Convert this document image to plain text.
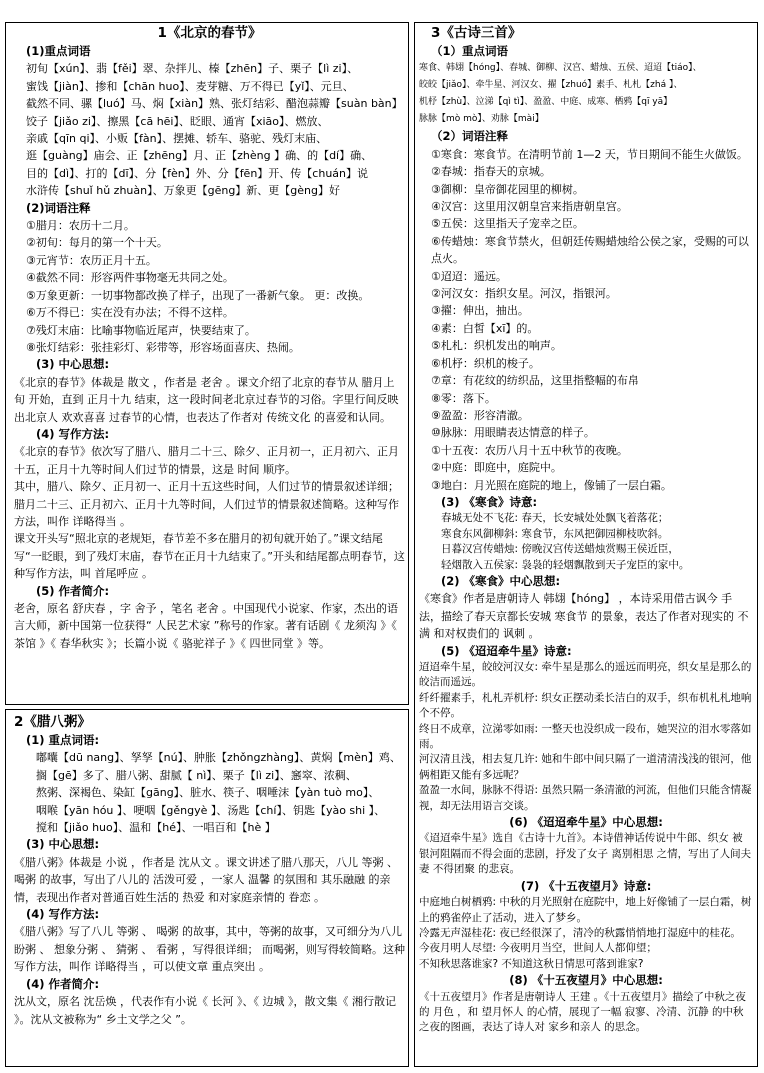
1《北京的春节》
(1)重点词语

初旬【xún】、翡【fěi】翠、杂拌儿、榛【zhēn】子、栗子【lì zi】、

蜜饯【jiàn】、掺和【chān huo】、麦芽糖、万不得已【yǐ】、元旦、

截然不同、骡【luó】马、焖【xiàn】熟、张灯结彩、醋泡蒜瓣【suàn bàn】

饺子【jiǎo zi】、擦黑【cā hēi】、眨眼、通宵【xiāo】、燃放、

亲戚【qīn qi】、小贩【fàn】、摆摊、轿车、骆驼、残灯末庙、

逛【guàng】庙会、正【zhēng】月、正【zhèng 】确、的【dí】确、

目的【dì】、打的【dī】、分【fèn】外、分【fēn】开、传【chuán】说

水浒传【shuǐ hǔ zhuàn】、万象更【gēng】新、更【gèng】好

(2)词语注释

①腊月：农历十二月。

②初旬：每月的第一个十天。

③元宵节：农历正月十五。

④截然不同：形容两件事物毫无共同之处。

⑤万象更新：一切事物都改换了样子，出现了一番新气象。 更：改换。

⑥万不得已：实在没有办法；不得不这样。

⑦残灯末庙：比喻事物临近尾声，快要结束了。

⑧张灯结彩：张挂彩灯、彩带等，形容场面喜庆、热闹。

(3) 中心思想:

《北京的春节》体裁是 散文 ，作者是 老舍 。课文介绍了北京的春节从 腊月上旬 开始，直到 正月十九 结束，这一段时间老北京过春节的习俗。字里行间反映出北京人 欢欢喜喜 过春节的心情，也表达了作者对 传统文化 的喜爱和认同。

(4) 写作方法:

《北京的春节》依次写了腊八、腊月二十三、除夕、正月初一，正月初六、正月十五，正月十九等时间人们过节的情景，这是 时间 顺序。

其中，腊八、除夕、正月初一、正月十五这些时间，人们过节的情景叙述详细；腊月二十三、正月初六、正月十九等时间，人们过节的情景叙述简略。这种写作方法，叫作 详略得当 。

课文开头写“照北京的老规矩，春节差不多在腊月的初旬就开始了。”课文结尾写“一眨眼，到了残灯末庙，春节在正月十九结束了。”开头和结尾都点明春节，这种写作方法，叫 首尾呼应 。

(5) 作者简介:

老舍，原名 舒庆春 ，字 舍予 ，笔名 老舍 。中国现代小说家、作家，杰出的语言大师，新中国第一位获得“ 人民艺术家 ”称号的作家。著有话剧《 龙须沟 》《 茶馆 》《 春华秋实 》；长篇小说《 骆驼祥子 》《 四世同堂 》等。

2《腊八粥》
(1) 重点词语:

嘟囔【dū nang】、孥孥【nú】、肿胀【zhǒngzhàng】、黄焖【mèn】鸡、

搁【gē】多了、腊八粥、甜腻【 nì】、栗子【lì zi】、窸窣、浓稠、

熬粥、深褐色、染缸【gāng】、脏水、筷子、咽唾沫【yàn tuò mo】、

咽喉【yān hóu 】、哽咽【gěngyè 】、汤匙【chí】、钥匙【yào shi 】、

搅和【jiǎo huo】、温和【hé】、一唱百和【hè 】

(3) 中心思想:

《腊八粥》体裁是 小说 ，作者是 沈从文 。课文讲述了腊八那天，八儿 等粥 、 喝粥 的故事，写出了八儿的 活泼可爱 ，一家人 温馨 的氛围和 其乐融融 的亲情，表现出作者对普通百姓生活的 热爱 和对家庭亲情的 眷恋 。

(4) 写作方法:

《腊八粥》写了八儿 等粥 、 喝粥 的故事，其中，等粥的故事，又可细分为八儿 盼粥 、 想象分粥 、 猜粥 、 看粥 ，写得很详细； 而喝粥，则写得较简略。这种写作方法，叫作 详略得当 ，可以使文章 重点突出 。

(4) 作者简介:

沈从文，原名 沈岳焕 ，代表作有小说《 长河 》、《 边城 》，散文集《 湘行散记 》。沈从文被称为“ 乡土文学之父 ”。

3《古诗三首》
（1）重点词语

寒食、韩翃【hóng】、春城、御柳、汉宫、蜡烛、五侯、迢迢【tiáo】、

皎皎【jiǎo】、牵牛星、河汉女、擢【zhuó】素手、札札【zhá 】、

机杼【zhù】、泣涕【qì tì】、盈盈、中庭、成寒、栖鸦【qī yā】

脉脉【mò mò】、劝脉【mài】

（2）词语注释

①寒食：寒食节。在清明节前 1—2 天，节日期间不能生火做饭。

②春城：指春天的京城。

③御柳：皇帝御花园里的柳树。

④汉宫：这里用汉朝皇宫来指唐朝皇宫。

⑤五侯：这里指天子宠幸之臣。

⑥传蜡烛：寒食节禁火，但朝廷传赐蜡烛给公侯之家，受赐的可以点火。

①迢迢：遥远。

②河汉女：指织女星。河汉，指银河。

③擢：伸出，抽出。

④素：白皙【xī】的。

⑤札札：织机发出的响声。

⑥机杼：织机的梭子。

⑦章：有花纹的纺织品，这里指整幅的布帛

⑧零：落下。

⑨盈盈：形容清澈。

⑩脉脉：用眼睛表达情意的样子。

①十五夜：农历八月十五中秋节的夜晚。

②中庭：即庭中，庭院中。

③地白：月光照在庭院的地上，像铺了一层白霜。

(3) 《寒食》诗意:

春城无处不飞花: 春天，长安城处处飘飞着落花；

寒食东风御柳斜: 寒食节，东风把御园柳枝吹斜。

日暮汉宫传蜡烛: 傍晚汉宫传送蜡烛赏赐王侯近臣，

轻烟散入五侯家: 袅袅的轻烟飘散到天子宠臣的家中。

(2) 《寒食》中心思想:

《寒食》作者是唐朝诗人 韩翃【hóng】 ，本诗采用借古讽今 手法，描绘了春天京都长安城 寒食节 的景象，表达了作者对现实的 不满 和对权贵们的 讽刺 。

(5) 《迢迢牵牛星》诗意:

迢迢牵牛星，皎皎河汉女: 牵牛星是那么的遥远而明亮，织女星是那么的皎洁而遥远。

纤纤擢素手，札札弄机杼: 织女正摆动柔长洁白的双手，织布机札札地响个不停。

终日不成章，泣涕零如雨: 一整天也没织成一段布，她哭泣的泪水零落如雨。

河汉清且浅，相去复几许: 她和牛郎中间只隔了一道清清浅浅的银河，他俩相距又能有多远呢？

盈盈一水间，脉脉不得语: 虽然只隔一条清澈的河流，但他们只能含情凝视，却无法用语言交谈。

(6) 《迢迢牵牛星》中心思想:

《迢迢牵牛星》选自《古诗十九首》。本诗借神话传说中牛郎、织女 被银河阻隔而不得会面的悲剧，抒发了女子 离别相思 之情，写出了人间夫妻 不得团聚 的悲哀。

(7) 《十五夜望月》诗意:

中庭地白树栖鸦: 中秋的月光照射在庭院中，地上好像铺了一层白霜，树上的鸦雀停止了活动，进入了梦乡。

冷露无声湿桂花: 夜已经很深了，清冷的秋露悄悄地打湿庭中的桂花。

今夜月明人尽望: 今夜明月当空，世间人人都仰望；

不知秋思落谁家? 不知道这秋日情思可落到谁家?

(8) 《十五夜望月》中心思想:

《十五夜望月》作者是唐朝诗人 王建 。《十五夜望月》描绘了中秋之夜的 月色 ，和 望月怀人 的心情，展现了一幅 寂寥、冷清、沉静 的中秋之夜的图画，表达了诗人对 家乡和亲人 的思念。
